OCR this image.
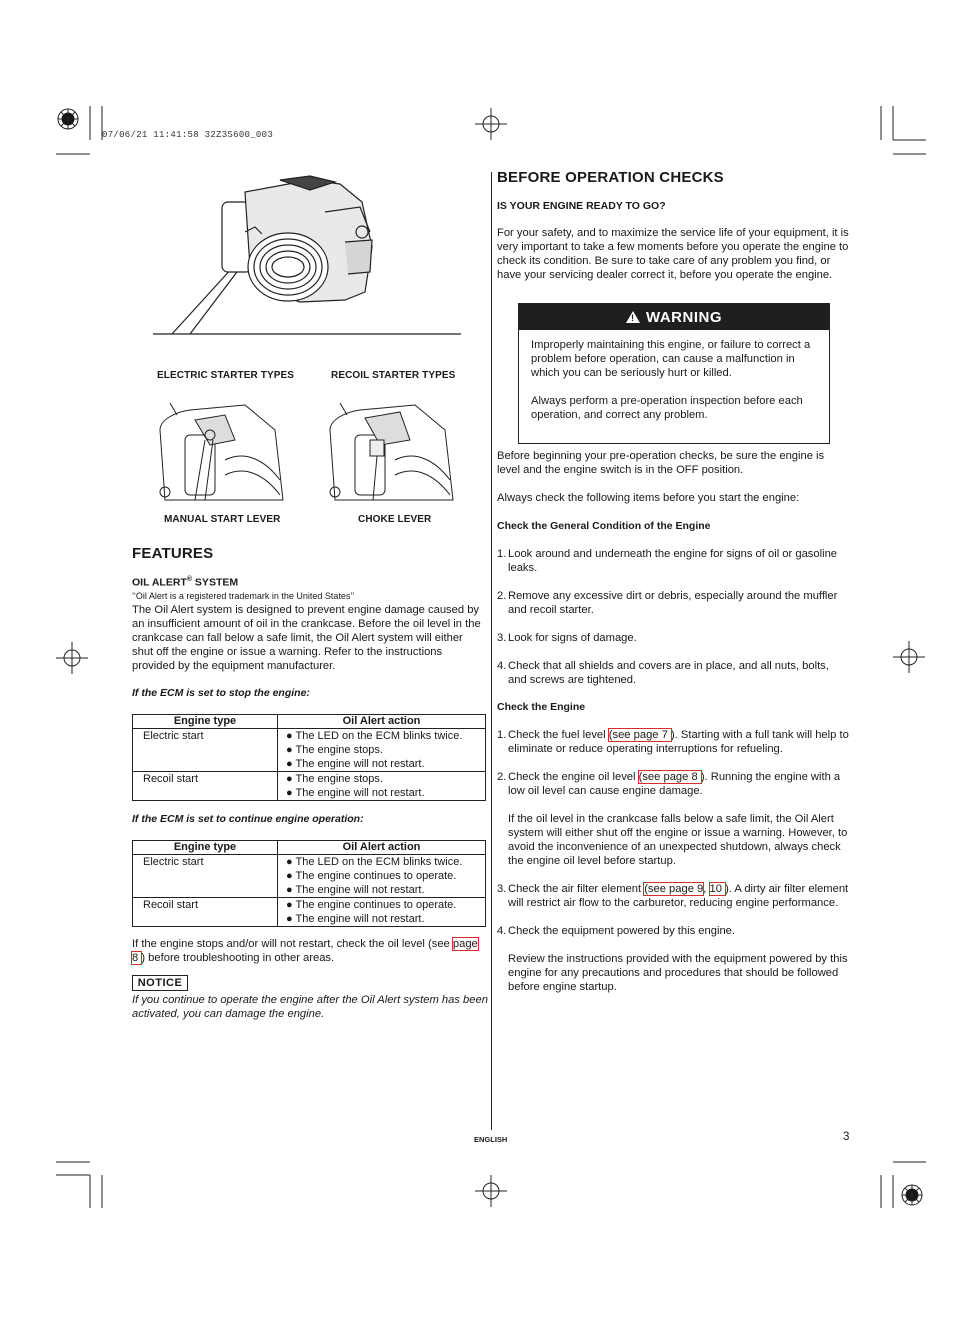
07/06/21 11:41:58 32Z3S600_003
ELECTRIC STARTER TYPES	RECOIL STARTER TYPES
MANUAL START LEVER	CHOKE LEVER
FEATURES
OIL ALERT® SYSTEM
‘‘Oil Alert is a registered trademark in the United States’’
The Oil Alert system is designed to prevent engine damage caused by an insufficient amount of oil in the crankcase. Before the oil level in the crankcase can fall below a safe limit, the Oil Alert system will either shut off the engine or issue a warning. Refer to the instructions provided by the equipment manufacturer.
If the ECM is set to stop the engine:
Engine type	Oil Alert action
Electric start	● The LED on the ECM blinks twice.
● The engine stops.
● The engine will not restart.

Recoil start	● The engine stops.
● The engine will not restart.
If the ECM is set to continue engine operation:
Engine type	Oil Alert action
Electric start	● The LED on the ECM blinks twice.
● The engine continues to operate.
● The engine will not restart.

Recoil start	● The engine continues to operate.
● The engine will not restart.
If the engine stops and/or will not restart, check the oil level (see page 8 ) before troubleshooting in other areas.
NOTICE
If you continue to operate the engine after the Oil Alert system has been activated, you can damage the engine.
BEFORE OPERATION CHECKS
IS YOUR ENGINE READY TO GO?
For your safety, and to maximize the service life of your equipment, it is very important to take a few moments before you operate the engine to check its condition. Be sure to take care of any problem you find, or have your servicing dealer correct it, before you operate the engine.
! WARNING
Improperly maintaining this engine, or failure to correct a problem before operation, can cause a malfunction in which you can be seriously hurt or killed.
Always perform a pre-operation inspection before each operation, and correct any problem.
Before beginning your pre-operation checks, be sure the engine is level and the engine switch is in the OFF position.
Always check the following items before you start the engine:
Check the General Condition of the Engine
1. Look around and underneath the engine for signs of oil or gasoline leaks.
2. Remove any excessive dirt or debris, especially around the muffler and recoil starter.
3. Look for signs of damage.
4. Check that all shields and covers are in place, and all nuts, bolts, and screws are tightened.
Check the Engine
1. Check the fuel level (see page 7 ). Starting with a full tank will help to eliminate or reduce operating interruptions for refueling.
2. Check the engine oil level (see page 8 ). Running the engine with a low oil level can cause engine damage.
If the oil level in the crankcase falls below a safe limit, the Oil Alert system will either shut off the engine or issue a warning. However, to avoid the inconvenience of an unexpected shutdown, always check the engine oil level before startup.
3. Check the air filter element (see page 9, 10 ). A dirty air filter element will restrict air flow to the carburetor, reducing engine performance.
4. Check the equipment powered by this engine.
Review the instructions provided with the equipment powered by this engine for any precautions and procedures that should be followed before engine startup.
ENGLISH	3
